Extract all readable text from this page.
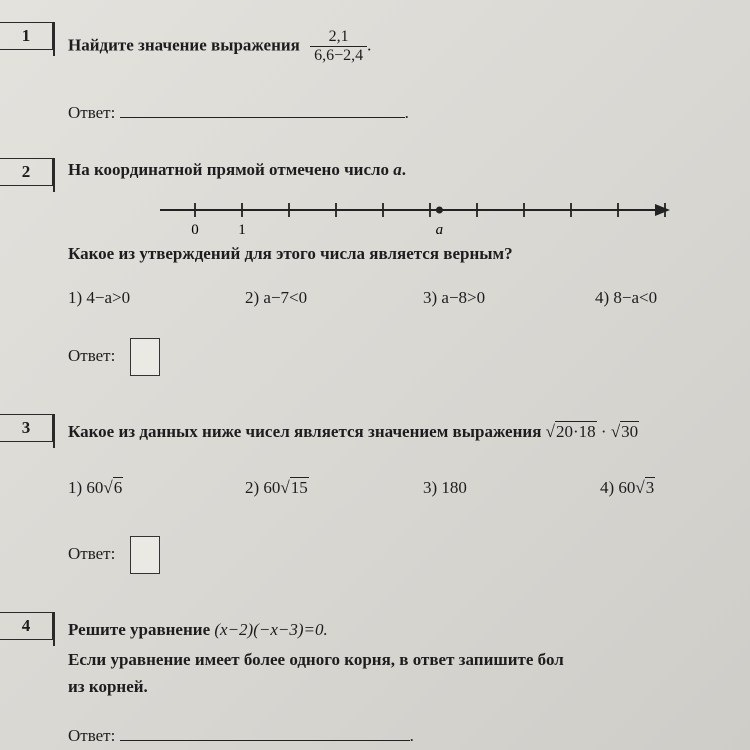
1	Найдите значение выражения $\frac{2,1}{6,6-2,4}$ .
Ответ:	.
2	На координатной прямой отмечено число a.
0	1	a
Какое из утверждений для этого числа является верным?
1) 4−a>0	2) a−7<0	3) a−8>0	4) 8−a<0
Ответ:
3	Какое из данных ниже чисел является значением выражения √20·18 · √30
1) 60√6	2) 60√15	3) 180	4) 60√3
Ответ:
4	Решите уравнение (x−2)(−x−3)=0.
Если уравнение имеет более одного корня, в ответ запишите бол
из корней.
Ответ:	.
